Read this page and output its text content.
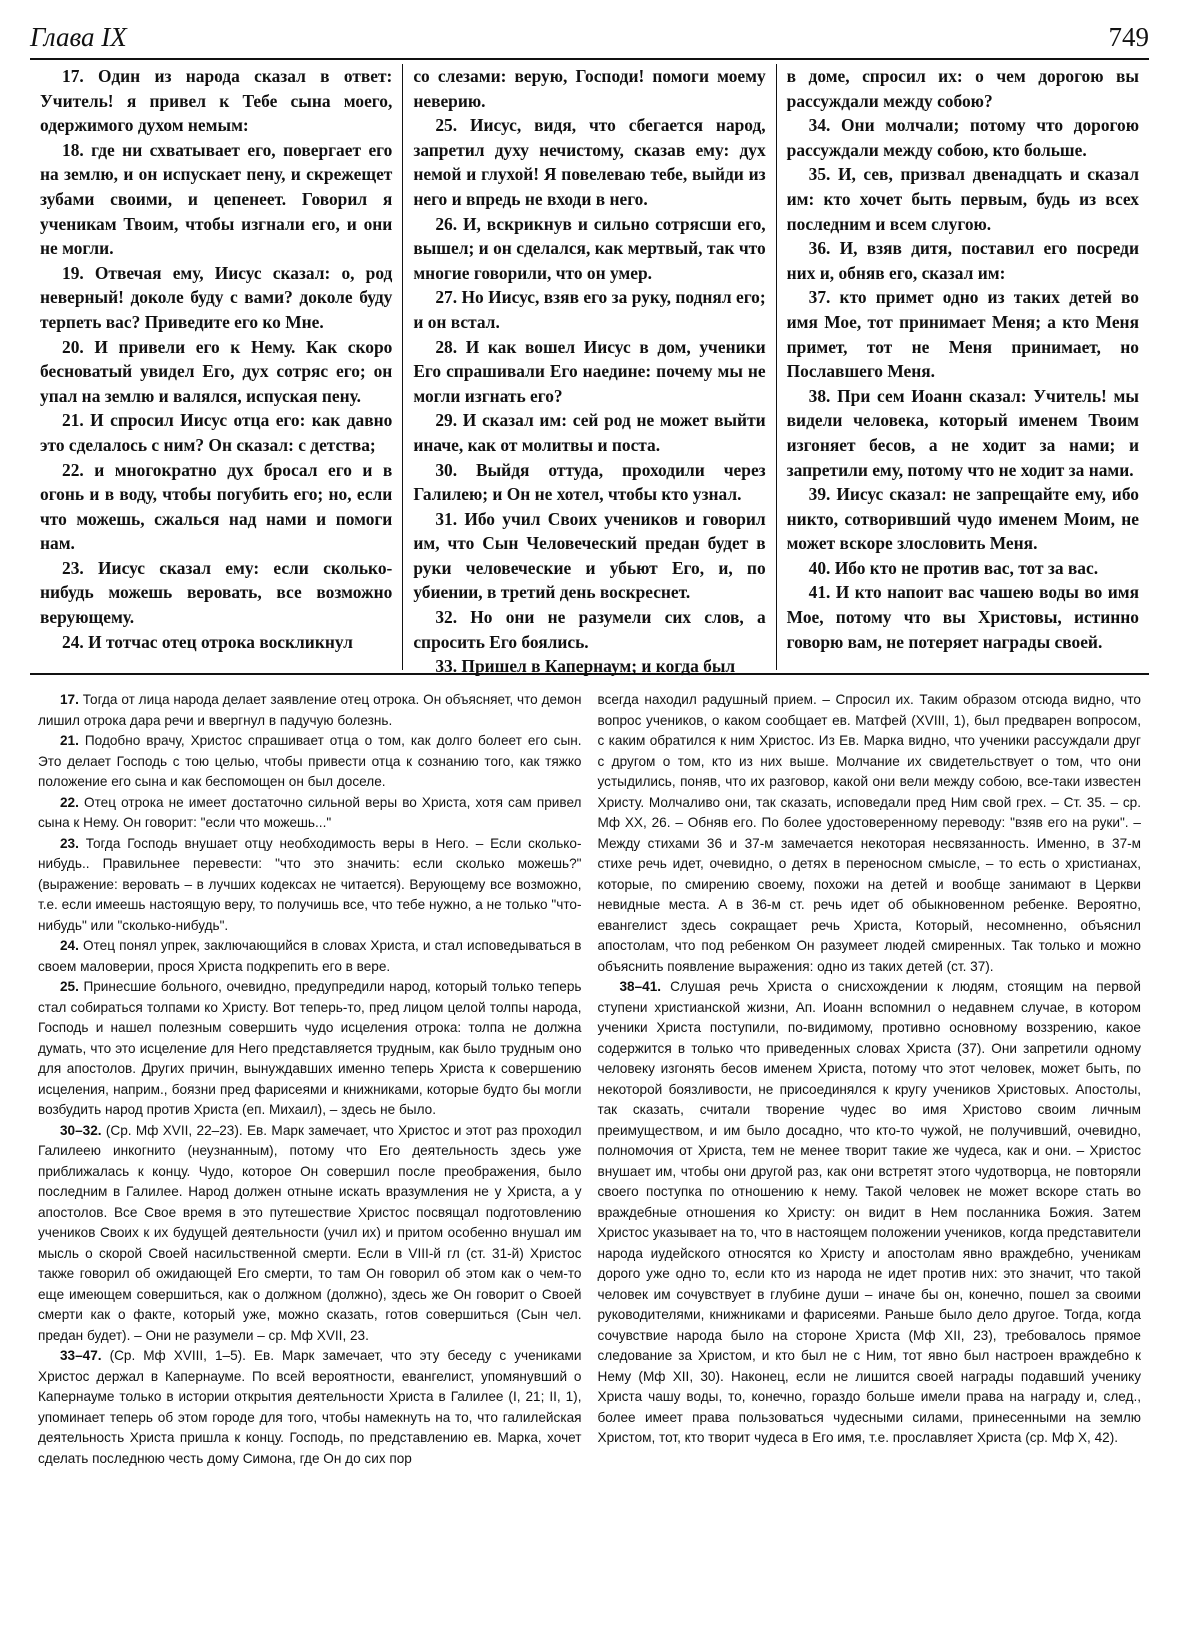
Глава IX	749

17. Один из народа сказал в ответ: Учитель! я привел к Тебе сына моего, одержимого духом немым:

18. где ни схватывает его, повергает его на землю, и он испускает пену, и скрежещет зубами своими, и цепенеет. Говорил я ученикам Твоим, чтобы изгнали его, и они не могли.

19. Отвечая ему, Иисус сказал: о, род неверный! доколе буду с вами? доколе буду терпеть вас? Приведите его ко Мне.

20. И привели его к Нему. Как скоро бесноватый увидел Его, дух сотряс его; он упал на землю и валялся, испуская пену.

21. И спросил Иисус отца его: как давно это сделалось с ним? Он сказал: с детства;

22. и многократно дух бросал его и в огонь и в воду, чтобы погубить его; но, если что можешь, сжалься над нами и помоги нам.

23. Иисус сказал ему: если сколько-нибудь можешь веровать, все возможно верующему.

24. И тотчас отец отрока воскликнул

со слезами: верую, Господи! помоги моему неверию.

25. Иисус, видя, что сбегается народ, запретил духу нечистому, сказав ему: дух немой и глухой! Я повелеваю тебе, выйди из него и впредь не входи в него.

26. И, вскрикнув и сильно сотрясши его, вышел; и он сделался, как мертвый, так что многие говорили, что он умер.

27. Но Иисус, взяв его за руку, поднял его; и он встал.

28. И как вошел Иисус в дом, ученики Его спрашивали Его наедине: почему мы не могли изгнать его?

29. И сказал им: сей род не может выйти иначе, как от молитвы и поста.

30. Выйдя оттуда, проходили через Галилею; и Он не хотел, чтобы кто узнал.

31. Ибо учил Своих учеников и говорил им, что Сын Человеческий предан будет в руки человеческие и убьют Его, и, по убиении, в третий день воскреснет.

32. Но они не разумели сих слов, а спросить Его боялись.

33. Пришел в Капернаум; и когда был

в доме, спросил их: о чем дорогою вы рассуждали между собою?

34. Они молчали; потому что дорогою рассуждали между собою, кто больше.

35. И, сев, призвал двенадцать и сказал им: кто хочет быть первым, будь из всех последним и всем слугою.

36. И, взяв дитя, поставил его посреди них и, обняв его, сказал им:

37. кто примет одно из таких детей во имя Мое, тот принимает Меня; а кто Меня примет, тот не Меня принимает, но Пославшего Меня.

38. При сем Иоанн сказал: Учитель! мы видели человека, который именем Твоим изгоняет бесов, а не ходит за нами; и запретили ему, потому что не ходит за нами.

39. Иисус сказал: не запрещайте ему, ибо никто, сотворивший чудо именем Моим, не может вскоре злословить Меня.

40. Ибо кто не против вас, тот за вас.

41. И кто напоит вас чашею воды во имя Мое, потому что вы Христовы, истинно говорю вам, не потеряет награды своей.

17. Тогда от лица народа делает заявление отец отрока. Он объясняет, что демон лишил отрока дара речи и ввергнул в падучую болезнь.

21. Подобно врачу, Христос спрашивает отца о том, как долго болеет его сын. Это делает Господь с тою целью, чтобы привести отца к сознанию того, как тяжко положение его сына и как беспомощен он был доселе.

22. Отец отрока не имеет достаточно сильной веры во Христа, хотя сам привел сына к Нему. Он говорит: "если что можешь..."

23. Тогда Господь внушает отцу необходимость веры в Него. – Если сколько-нибудь.. Правильнее перевести: "что это значить: если сколько можешь?" (выражение: веровать – в лучших кодексах не читается). Верующему все возможно, т.е. если имеешь настоящую веру, то получишь все, что тебе нужно, а не только "что-нибудь" или "сколько-нибудь".

24. Отец понял упрек, заключающийся в словах Христа, и стал исповедываться в своем маловерии, прося Христа подкрепить его в вере.

25. Принесшие больного, очевидно, предупредили народ, который только теперь стал собираться толпами ко Христу. Вот теперь-то, пред лицом целой толпы народа, Господь и нашел полезным совершить чудо исцеления отрока: толпа не должна думать, что это исцеление для Него представляется трудным, как было трудным оно для апостолов. Других причин, вынуждавших именно теперь Христа к совершению исцеления, наприм., боязни пред фарисеями и книжниками, которые будто бы могли возбудить народ против Христа (еп. Михаил), – здесь не было.

30–32. (Ср. Мф XVII, 22–23). Ев. Марк замечает, что Христос и этот раз проходил Галилеею инкогнито (неузнанным), потому что Его деятельность здесь уже приближалась к концу. Чудо, которое Он совершил после преображения, было последним в Галилее. Народ должен отныне искать вразумления не у Христа, а у апостолов. Все Свое время в это путешествие Христос посвящал подготовлению учеников Своих к их будущей деятельности (учил их) и притом особенно внушал им мысль о скорой Своей насильственной смерти. Если в VIII-й гл (ст. 31-й) Христос также говорил об ожидающей Его смерти, то там Он говорил об этом как о чем-то еще имеющем совершиться, как о должном (должно), здесь же Он говорит о Своей смерти как о факте, который уже, можно сказать, готов совершиться (Сын чел. предан будет). – Они не разумели – ср. Мф XVII, 23.

33–47. (Ср. Мф XVIII, 1–5). Ев. Марк замечает, что эту беседу с учениками Христос держал в Капернауме. По всей вероятности, евангелист, упомянувший о Капернауме только в истории открытия деятельности Христа в Галилее (I, 21; II, 1), упоминает теперь об этом городе для того, чтобы намекнуть на то, что галилейская деятельность Христа пришла к концу. Господь, по представлению ев. Марка, хочет сделать последнюю честь дому Симона, где Он до сих пор

всегда находил радушный прием. – Спросил их. Таким образом отсюда видно, что вопрос учеников, о каком сообщает ев. Матфей (XVIII, 1), был предварен вопросом, с каким обратился к ним Христос. Из Ев. Марка видно, что ученики рассуждали друг с другом о том, кто из них выше. Молчание их свидетельствует о том, что они устыдились, поняв, что их разговор, какой они вели между собою, все-таки известен Христу. Молчаливо они, так сказать, исповедали пред Ним свой грех. – Ст. 35. – ср. Мф XX, 26. – Обняв его. По более удостоверенному переводу: "взяв его на руки". – Между стихами 36 и 37-м замечается некоторая несвязанность. Именно, в 37-м стихе речь идет, очевидно, о детях в переносном смысле, – то есть о христианах, которые, по смирению своему, похожи на детей и вообще занимают в Церкви невидные места. А в 36-м ст. речь идет об обыкновенном ребенке. Вероятно, евангелист здесь сокращает речь Христа, Который, несомненно, объяснил апостолам, что под ребенком Он разумеет людей смиренных. Так только и можно объяснить появление выражения: одно из таких детей (ст. 37).

38–41. Слушая речь Христа о снисхождении к людям, стоящим на первой ступени христианской жизни, Ап. Иоанн вспомнил о недавнем случае, в котором ученики Христа поступили, по-видимому, противно основному воззрению, какое содержится в только что приведенных словах Христа (37). Они запретили одному человеку изгонять бесов именем Христа, потому что этот человек, может быть, по некоторой боязливости, не присоединялся к кругу учеников Христовых. Апостолы, так сказать, считали творение чудес во имя Христово своим личным преимуществом, и им было досадно, что кто-то чужой, не получивший, очевидно, полномочия от Христа, тем не менее творит такие же чудеса, как и они. – Христос внушает им, чтобы они другой раз, как они встретят этого чудотворца, не повторяли своего поступка по отношению к нему. Такой человек не может вскоре стать во враждебные отношения ко Христу: он видит в Нем посланника Божия. Затем Христос указывает на то, что в настоящем положении учеников, когда представители народа иудейского относятся ко Христу и апостолам явно враждебно, ученикам дорого уже одно то, если кто из народа не идет против них: это значит, что такой человек им сочувствует в глубине души – иначе бы он, конечно, пошел за своими руководителями, книжниками и фарисеями. Раньше было дело другое. Тогда, когда сочувствие народа было на стороне Христа (Мф XII, 23), требовалось прямое следование за Христом, и кто был не с Ним, тот явно был настроен враждебно к Нему (Мф XII, 30). Наконец, если не лишится своей награды подавший ученику Христа чашу воды, то, конечно, гораздо больше имели права на награду и, след., более имеет права пользоваться чудесными силами, принесенными на землю Христом, тот, кто творит чудеса в Его имя, т.е. прославляет Христа (ср. Мф X, 42).
